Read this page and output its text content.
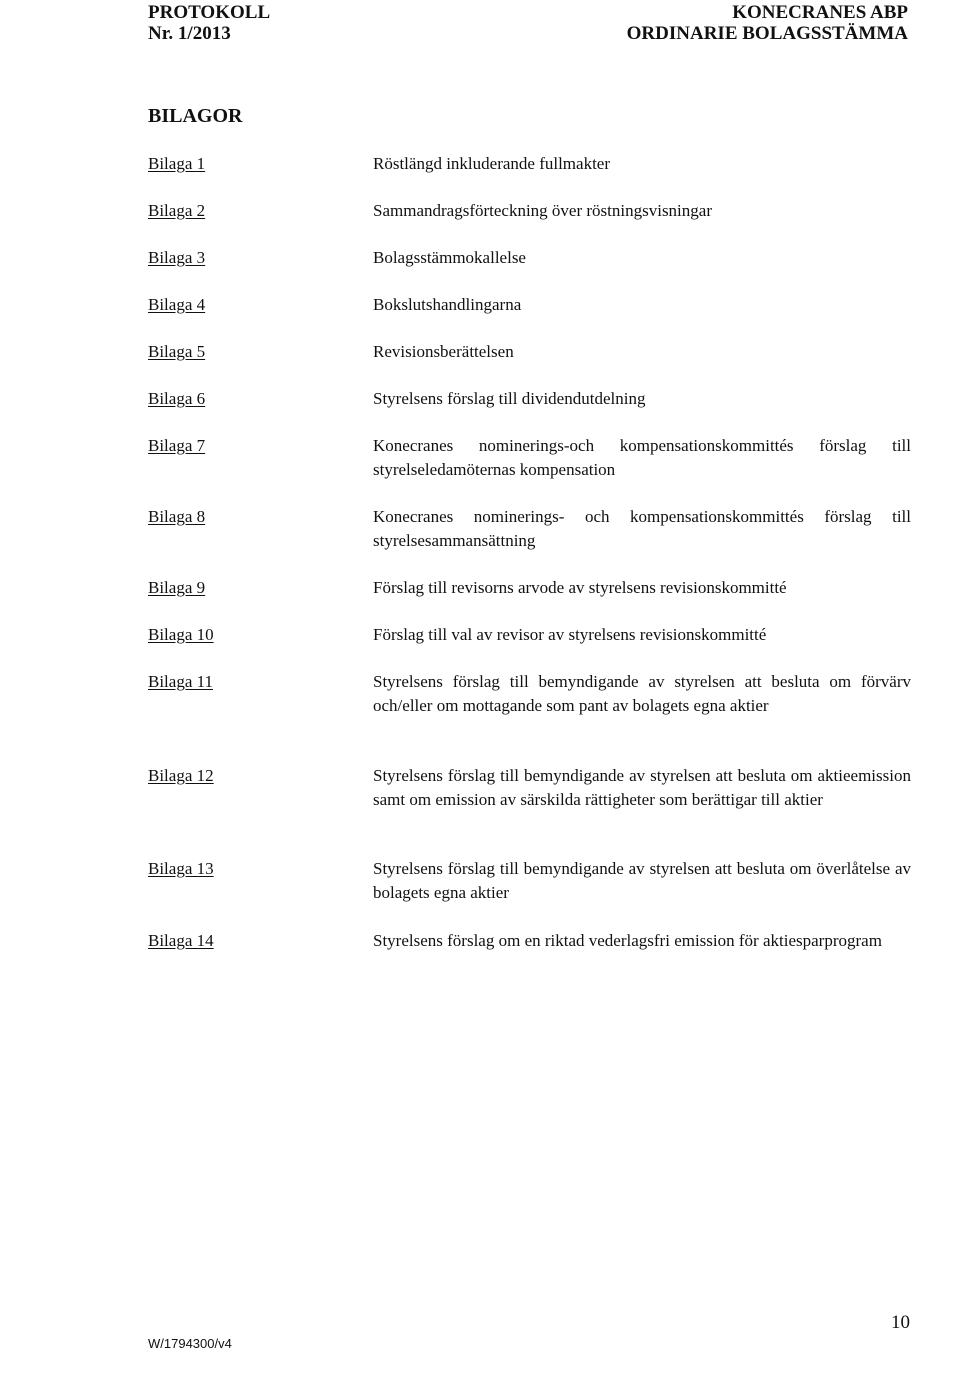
PROTOKOLL
Nr. 1/2013
KONECRANES ABP
ORDINARIE BOLAGSSTÄMMA
BILAGOR
Bilaga 1	Röstlängd inkluderande fullmakter
Bilaga 2	Sammandragsförteckning över röstningsvisningar
Bilaga 3	Bolagsstämmokallelse
Bilaga 4	Bokslutshandlingarna
Bilaga 5	Revisionsberättelsen
Bilaga 6	Styrelsens förslag till dividendutdelning
Bilaga 7	Konecranes nominerings-och kompensationskommittés förslag till styrelseledamöternas kompensation
Bilaga 8	Konecranes nominerings- och kompensationskommittés förslag till styrelsesammansättning
Bilaga 9	Förslag till revisorns arvode av styrelsens revisionskommitté
Bilaga 10	Förslag till val av revisor av styrelsens revisionskommitté
Bilaga 11	Styrelsens förslag till bemyndigande av styrelsen att besluta om förvärv och/eller om mottagande som pant av bolagets egna aktier
Bilaga 12	Styrelsens förslag till bemyndigande av styrelsen att besluta om aktieemission samt om emission av särskilda rättigheter som berättigar till aktier
Bilaga 13	Styrelsens förslag till bemyndigande av styrelsen att besluta om överlåtelse av bolagets egna aktier
Bilaga 14	Styrelsens förslag om en riktad vederlagsfri emission för aktiesparprogram
W/1794300/v4
10
